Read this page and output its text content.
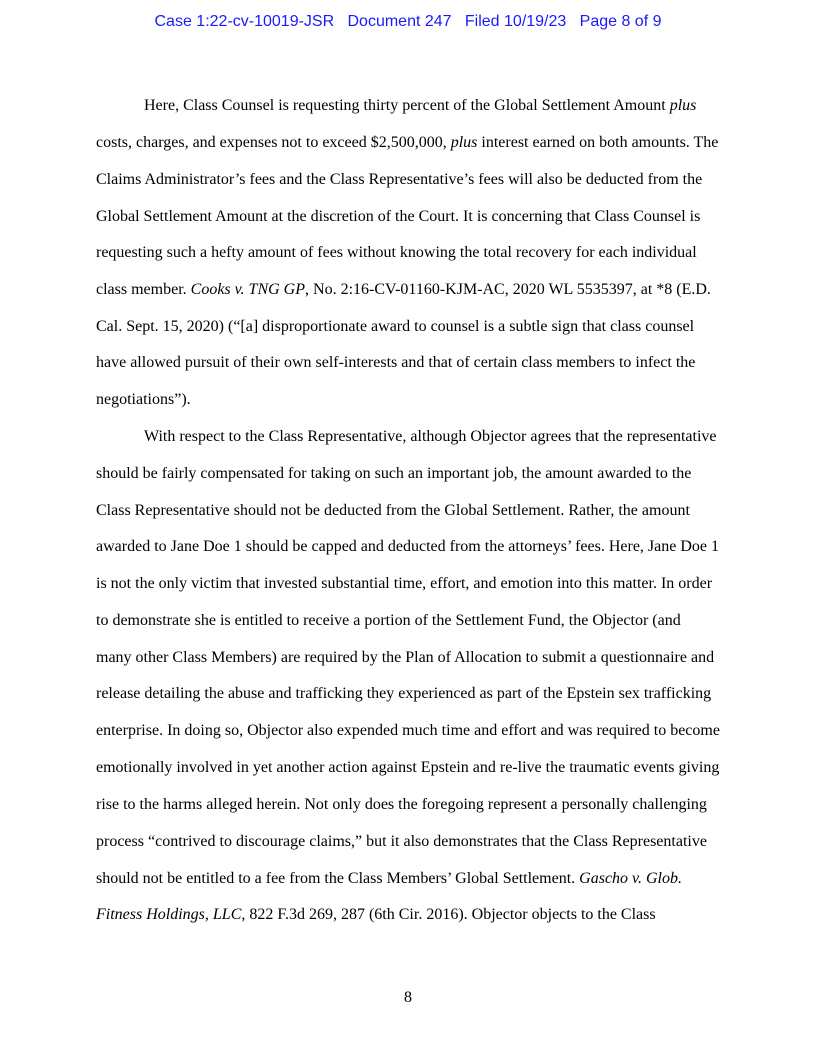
Case 1:22-cv-10019-JSR Document 247 Filed 10/19/23 Page 8 of 9
Here, Class Counsel is requesting thirty percent of the Global Settlement Amount plus
costs, charges, and expenses not to exceed $2,500,000, plus interest earned on both amounts. The
Claims Administrator’s fees and the Class Representative’s fees will also be deducted from the
Global Settlement Amount at the discretion of the Court. It is concerning that Class Counsel is
requesting such a hefty amount of fees without knowing the total recovery for each individual
class member. Cooks v. TNG GP, No. 2:16-CV-01160-KJM-AC, 2020 WL 5535397, at *8 (E.D.
Cal. Sept. 15, 2020) (“[a] disproportionate award to counsel is a subtle sign that class counsel
have allowed pursuit of their own self-interests and that of certain class members to infect the
negotiations”).
With respect to the Class Representative, although Objector agrees that the representative
should be fairly compensated for taking on such an important job, the amount awarded to the
Class Representative should not be deducted from the Global Settlement. Rather, the amount
awarded to Jane Doe 1 should be capped and deducted from the attorneys’ fees. Here, Jane Doe 1
is not the only victim that invested substantial time, effort, and emotion into this matter. In order
to demonstrate she is entitled to receive a portion of the Settlement Fund, the Objector (and
many other Class Members) are required by the Plan of Allocation to submit a questionnaire and
release detailing the abuse and trafficking they experienced as part of the Epstein sex trafficking
enterprise. In doing so, Objector also expended much time and effort and was required to become
emotionally involved in yet another action against Epstein and re-live the traumatic events giving
rise to the harms alleged herein. Not only does the foregoing represent a personally challenging
process “contrived to discourage claims,” but it also demonstrates that the Class Representative
should not be entitled to a fee from the Class Members’ Global Settlement. Gascho v. Glob.
Fitness Holdings, LLC, 822 F.3d 269, 287 (6th Cir. 2016). Objector objects to the Class
8
